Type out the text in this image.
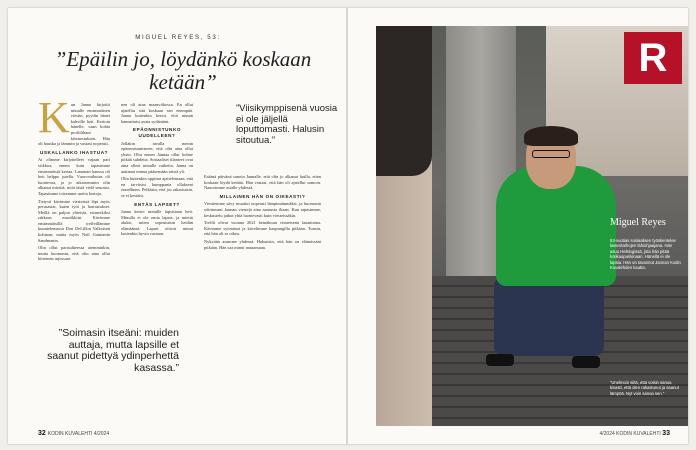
MIGUEL REYES, 53:
”Epäilin jo, löydänkö koskaan ketään”

Kun Janna kirjoitti minulle ensimmäisen viestin, pyydin hänet kahville heti. Kertoin hänelle, vaan kohta profiililtani kiinnostuksen. Hän oli hauska ja lämmin ja vastasi nopeasti.

USKALLANKO IHASTUA?

Ai olimme kirjoitelleet vajaan pari viikkoa, ennen kuin tapasimme ensimmäistä kertaa. Lamman kanssa oli heti helppo jutella. Vuorovaikutus oli luontevaa, ja jo aikaisemmin olin alkanut miettiä, mitä tästä vielä seuraisi. Tapasimme toisemme useita kertoja.

Tietysti kävimme viesteissä läpi myös perusasiat, kuten työt ja harrastukset. Meillä on paljon yhteistä, esimerkiksi rakkaus musiikkiin. Kävimme ensimmäisillä treffeillämme kuuntelemassa Don DeLillon Valkoisen kohinan, mutta myös Neil Gaimanin Sandmanin.

Olin ollut parisuhteessa aiemminkin, mutta huomasin, että olin aina ollut kiireinen arjessani.

nen oli aina maanviikossa. En ollut ajatellut sitä koskaan sen enempää. Janna kuitenkin kertoi, että minun kannattaisi avata sydäntäni.

EPÄONNISTUNKO UUDELLEEN?

Jollakin tavalla menin epäonnistumiseen, että olin aina ollut yksin. Olin ennen Jannaa ollut kolme pitkää suhdetta. Sosiaaliset tilanteet ovat aina olleet minulle vaikeita. Janna on auttanut minua pääsemään niistä yli.

Olin kuitenkin oppinut ajattelemaan, että en tarvitsisi kumppania ollakseni onnellinen. Pelkäsin, että jos rakastuisin, se ei kestäisi.

ENTÄS LAPSET?

Janna kertoi minulle lapsistaan heti. Minulla ei ole omia lapsia, ja mietin aluksi, miten sopeutuisin heidän elämäänsä. Lapset ottivat minut kuitenkin hyvin vastaan.

”Soimasin itseäni: muiden auttaja, mutta lapsille et saanut pidettyä ydinperhettä kasassa.”

Eräänä päivänä sanoin Jannalle, että olin jo alkanut luulla, etten koskaan löydä ketään. Hän vastasi, että hän oli ajatellut samoin. Nauroimme asialle yhdessä.

MILLAINEN HÄN ON OIKEASTI?

Viestiemme sävy muuttui nopeasti lämpimämmäksi, ja huomasin odottavani Jannan viestejä aina aamusta iltaan. Kun tapasimme, keskustelu jatkui yhtä luontevasti kuin viesteissäkin.

Treffit olivat vuonna 2021 heinäkuun viimeisenä lauantaina. Kävimme syömässä ja kävelimme kaupungilla pitkään. Tunsin, että hän oli se oikea.

Nykyään asumme yhdessä. Haluaisin, että hän on elämässäni pitkään. Hän saa minut nauramaan.

”Viisikymppisenä vuosia ei ole jäljellä loputtomasti. Halusin sitoutua.”
32 KODIN KUVALEHTI 4/2024
R
Miguel Reyes
53-vuotias sosiaalisen työskentelee lastentarhojen lähiohjaajana. Hän asuu Helsingissä, jota hän pitää kotikaupunkinaan. Hänellä ei ole lapsia. Hän on tavannut Jannan Kodin Kuvalehden kautta.
”Unelmoin siitä, että voisin sanoa kivasti, että olen rakastunut ja saanut lämpöä. Nyt voin sanoa sen.”
4/2024 KODIN KUVALEHTI 33
